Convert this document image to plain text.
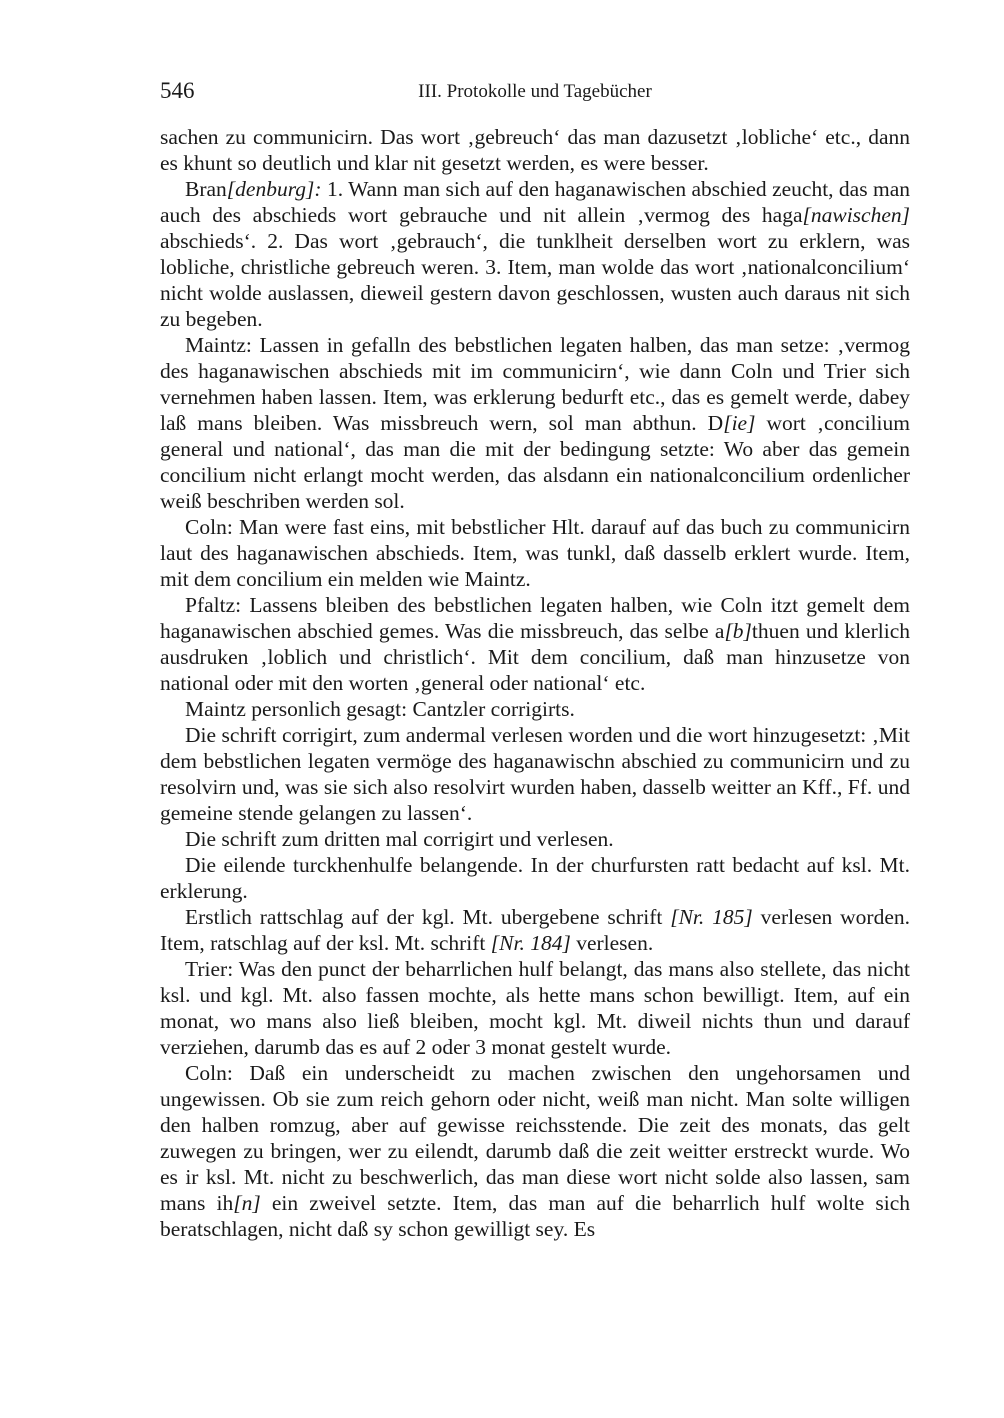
546	III. Protokolle und Tagebücher

sachen zu communicirn. Das wort ‚gebreuch‘ das man dazusetzt ‚lobliche‘ etc., dann es khunt so deutlich und klar nit gesetzt werden, es were besser.

Bran[denburg]: 1. Wann man sich auf den haganawischen abschied zeucht, das man auch des abschieds wort gebrauche und nit allein ‚vermog des haga[nawischen] abschieds‘. 2. Das wort ‚gebrauch‘, die tunklheit derselben wort zu erklern, was lobliche, christliche gebreuch weren. 3. Item, man wolde das wort ‚nationalconcilium‘ nicht wolde auslassen, dieweil gestern davon geschlossen, wusten auch daraus nit sich zu begeben.

Maintz: Lassen in gefalln des bebstlichen legaten halben, das man setze: ‚vermog des haganawischen abschieds mit im communicirn‘, wie dann Coln und Trier sich vernehmen haben lassen. Item, was erklerung bedurft etc., das es gemelt werde, dabey laß mans bleiben. Was missbreuch wern, sol man abthun. D[ie] wort ‚concilium general und national‘, das man die mit der bedingung setzte: Wo aber das gemein concilium nicht erlangt mocht werden, das alsdann ein nationalconcilium ordenlicher weiß beschriben werden sol.

Coln: Man were fast eins, mit bebstlicher Hlt. darauf auf das buch zu communicirn laut des haganawischen abschieds. Item, was tunkl, daß dasselb erklert wurde. Item, mit dem concilium ein melden wie Maintz.

Pfaltz: Lassens bleiben des bebstlichen legaten halben, wie Coln itzt gemelt dem haganawischen abschied gemes. Was die missbreuch, das selbe a[b]thuen und klerlich ausdruken ‚loblich und christlich‘. Mit dem concilium, daß man hinzusetze von national oder mit den worten ‚general oder national‘ etc.

Maintz personlich gesagt: Cantzler corrigirts.

Die schrift corrigirt, zum andermal verlesen worden und die wort hinzugesetzt: ‚Mit dem bebstlichen legaten vermöge des haganawischn abschied zu communicirn und zu resolvirn und, was sie sich also resolvirt wurden haben, dasselb weitter an Kff., Ff. und gemeine stende gelangen zu lassen‘.

Die schrift zum dritten mal corrigirt und verlesen.

Die eilende turckhenhulfe belangende. In der churfursten ratt bedacht auf ksl. Mt. erklerung.

Erstlich rattschlag auf der kgl. Mt. ubergebene schrift [Nr. 185] verlesen worden. Item, ratschlag auf der ksl. Mt. schrift [Nr. 184] verlesen.

Trier: Was den punct der beharrlichen hulf belangt, das mans also stellete, das nicht ksl. und kgl. Mt. also fassen mochte, als hette mans schon bewilligt. Item, auf ein monat, wo mans also ließ bleiben, mocht kgl. Mt. diweil nichts thun und darauf verziehen, darumb das es auf 2 oder 3 monat gestelt wurde.

Coln: Daß ein underscheidt zu machen zwischen den ungehorsamen und ungewissen. Ob sie zum reich gehorn oder nicht, weiß man nicht. Man solte willigen den halben romzug, aber auf gewisse reichsstende. Die zeit des monats, das gelt zuwegen zu bringen, wer zu eilendt, darumb daß die zeit weitter erstreckt wurde. Wo es ir ksl. Mt. nicht zu beschwerlich, das man diese wort nicht solde also lassen, sam mans ih[n] ein zweivel setzte. Item, das man auf die beharrlich hulf wolte sich beratschlagen, nicht daß sy schon gewilligt sey. Es
